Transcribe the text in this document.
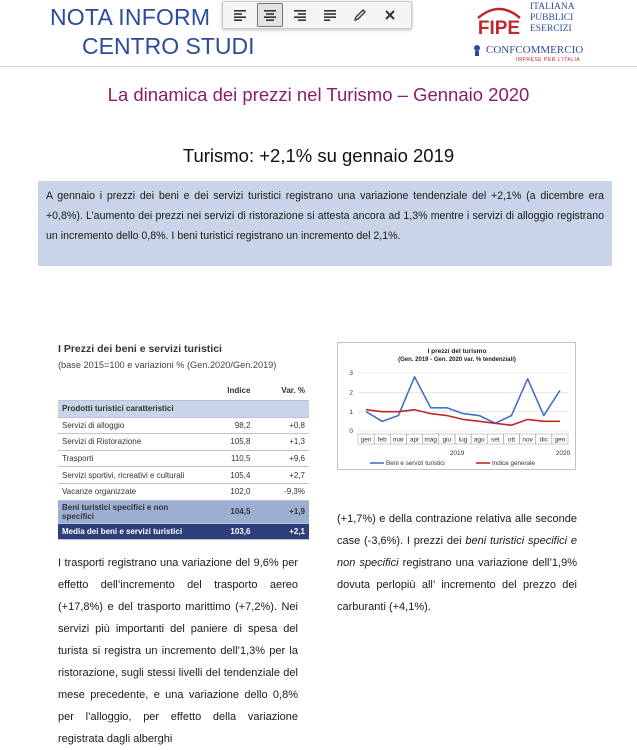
NOTA INFORM
CENTRO STUDI
FIPE
ITALIANA
PUBBLICI
ESERCIZI
CONFCOMMERCIO
IMPRESE PER L'ITALIA
La dinamica dei prezzi nel Turismo – Gennaio 2020
Turismo: +2,1% su gennaio 2019
A gennaio i prezzi dei beni e dei servizi turistici registrano una variazione tendenziale del +2,1% (a dicembre era +0,8%). L’aumento dei prezzi nei servizi di ristorazione si attesta ancora ad 1,3% mentre i servizi di alloggio registrano un incremento dello 0,8%. I beni turistici registrano un incremento del 2,1%.
I Prezzi dei beni e servizi turistici
(base 2015=100 e variazioni % (Gen.2020/Gen.2019)
	Indice	Var. %
Prodotti turistici caratteristici		
Servizi di alloggio	98,2	+0,8
Servizi di Ristorazione	105,8	+1,3
Trasporti	110,5	+9,6
Servizi sportivi, ricreativi e culturali	105,4	+2,7
Vacanze organizzate	102,0	-9,3%
Beni turistici specifici e non specifici	104,5	+1,9
Media dei beni e servizi turistici	103,6	+2,1
I prezzi del turismo
(Gen. 2019 - Gen. 2020 var. % tendenziali)
0
1
2
3
gen feb mar apr mag giu lug ago set ott nov dic gen
2019	2020
Beni e servizi turistici	Indice generale
I trasporti registrano una variazione del 9,6% per effetto dell’incremento del trasporto aereo (+17,8%) e del trasporto marittimo (+7,2%). Nei servizi più importanti del paniere di spesa del turista si registra un incremento dell’1,3% per la ristorazione, sugli stessi livelli del tendenziale del mese precedente, e una variazione dello 0,8% per l’alloggio, per effetto della variazione registrata dagli alberghi
(+1,7%) e della contrazione relativa alle seconde case (-3,6%). I prezzi dei beni turistici specifici e non specifici registrano una variazione dell’1,9% dovuta perlopiù all’ incremento del prezzo dei carburanti (+4,1%).
